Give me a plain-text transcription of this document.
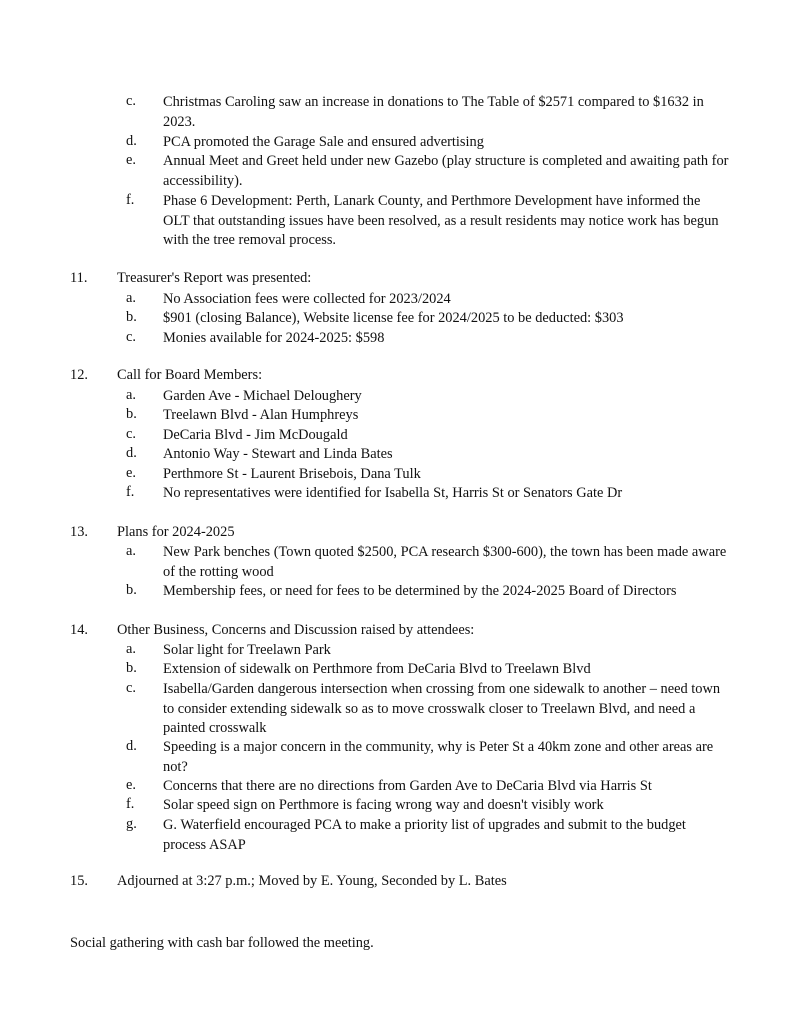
c.	Christmas Caroling saw an increase in donations to The Table of $2571 compared to $1632 in 2023.
d.	PCA promoted the Garage Sale and ensured advertising
e.	Annual Meet and Greet held under new Gazebo (play structure is completed and awaiting path for accessibility).
f.	Phase 6 Development: Perth, Lanark County, and Perthmore Development have informed the OLT that outstanding issues have been resolved, as a result residents may notice work has begun with the tree removal process.
11.	Treasurer's Report was presented:
a.	No Association fees were collected for 2023/2024
b.	$901 (closing Balance), Website license fee for 2024/2025 to be deducted: $303
c.	Monies available for 2024-2025: $598
12.	Call for Board Members:
a.	Garden Ave - Michael Deloughery
b.	Treelawn Blvd - Alan Humphreys
c.	DeCaria Blvd - Jim McDougald
d.	Antonio Way - Stewart and Linda Bates
e.	Perthmore St - Laurent Brisebois, Dana Tulk
f.	No representatives were identified for Isabella St, Harris St or Senators Gate Dr
13.	Plans for 2024-2025
a.	New Park benches (Town quoted $2500, PCA research $300-600), the town has been made aware of the rotting wood
b.	Membership fees, or need for fees to be determined by the 2024-2025 Board of Directors
14.	Other Business, Concerns and Discussion raised by attendees:
a.	Solar light for Treelawn Park
b.	Extension of sidewalk on Perthmore from DeCaria Blvd to Treelawn Blvd
c.	Isabella/Garden dangerous intersection when crossing from one sidewalk to another – need town to consider extending sidewalk so as to move crosswalk closer to Treelawn Blvd, and need a painted crosswalk
d.	Speeding is a major concern in the community, why is Peter St a 40km zone and other areas are not?
e.	Concerns that there are no directions from Garden Ave to DeCaria Blvd via Harris St
f.	Solar speed sign on Perthmore is facing wrong way and doesn't visibly work
g.	G. Waterfield encouraged PCA to make a priority list of upgrades and submit to the budget process ASAP
15.	Adjourned at 3:27 p.m.; Moved by E. Young, Seconded by L. Bates
Social gathering with cash bar followed the meeting.
